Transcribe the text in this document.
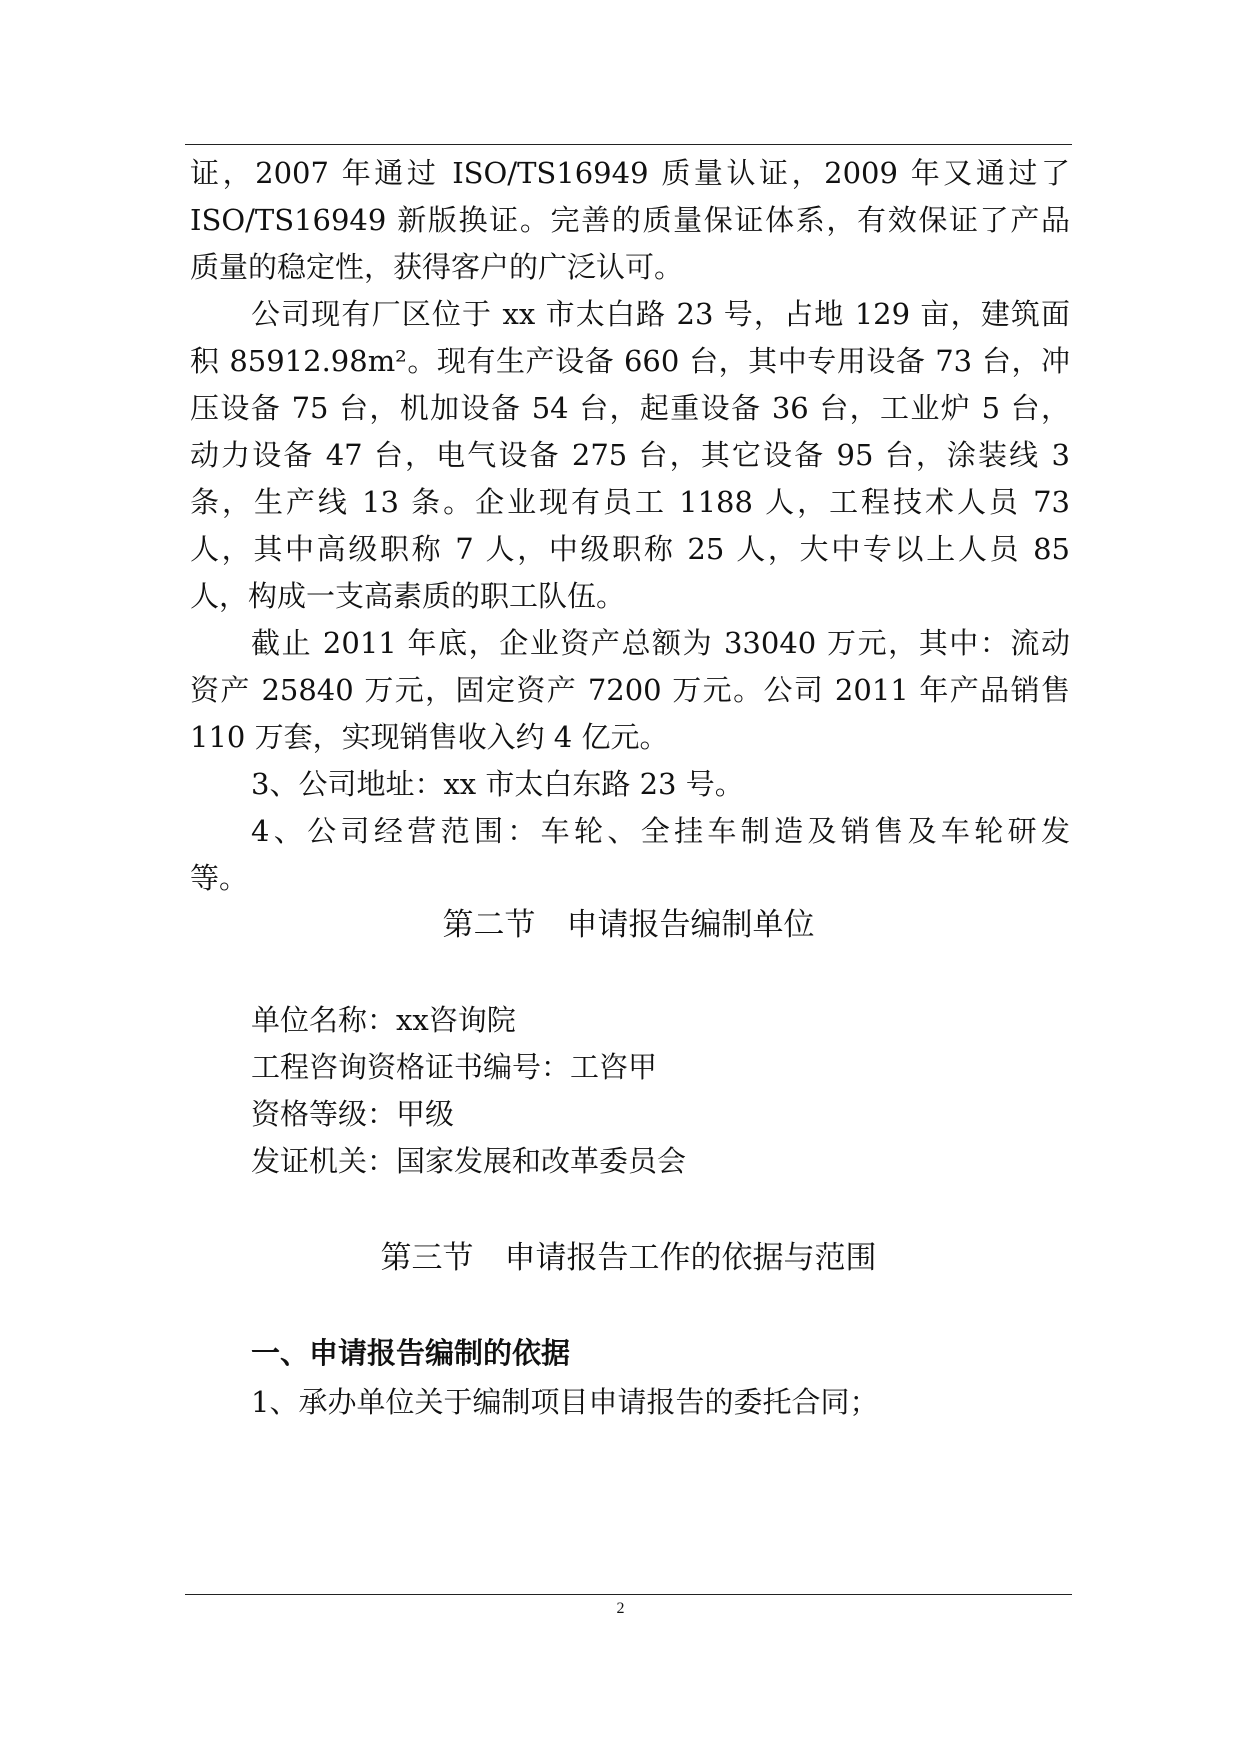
证，2007 年通过 ISO/TS16949 质量认证，2009 年又通过了
ISO/TS16949 新版换证。完善的质量保证体系，有效保证了产品
质量的稳定性，获得客户的广泛认可。
公司现有厂区位于 xx 市太白路 23 号，占地 129 亩，建筑面
积 85912.98m²。现有生产设备 660 台，其中专用设备 73 台，冲
压设备 75 台，机加设备 54 台，起重设备 36 台，工业炉 5 台，
动力设备 47 台，电气设备 275 台，其它设备 95 台，涂装线 3
条，生产线 13 条。企业现有员工 1188 人，工程技术人员 73
人，其中高级职称 7 人，中级职称 25 人，大中专以上人员 85
人，构成一支高素质的职工队伍。
截止 2011 年底，企业资产总额为 33040 万元，其中：流动
资产 25840 万元，固定资产 7200 万元。公司 2011 年产品销售
110 万套，实现销售收入约 4 亿元。
3、公司地址：xx 市太白东路 23 号。
4、公司经营范围：车轮、全挂车制造及销售及车轮研发
等。
第二节　申请报告编制单位
单位名称：xx咨询院
工程咨询资格证书编号：工咨甲
资格等级：甲级
发证机关：国家发展和改革委员会
第三节　申请报告工作的依据与范围
一、申请报告编制的依据
1、承办单位关于编制项目申请报告的委托合同；
2
